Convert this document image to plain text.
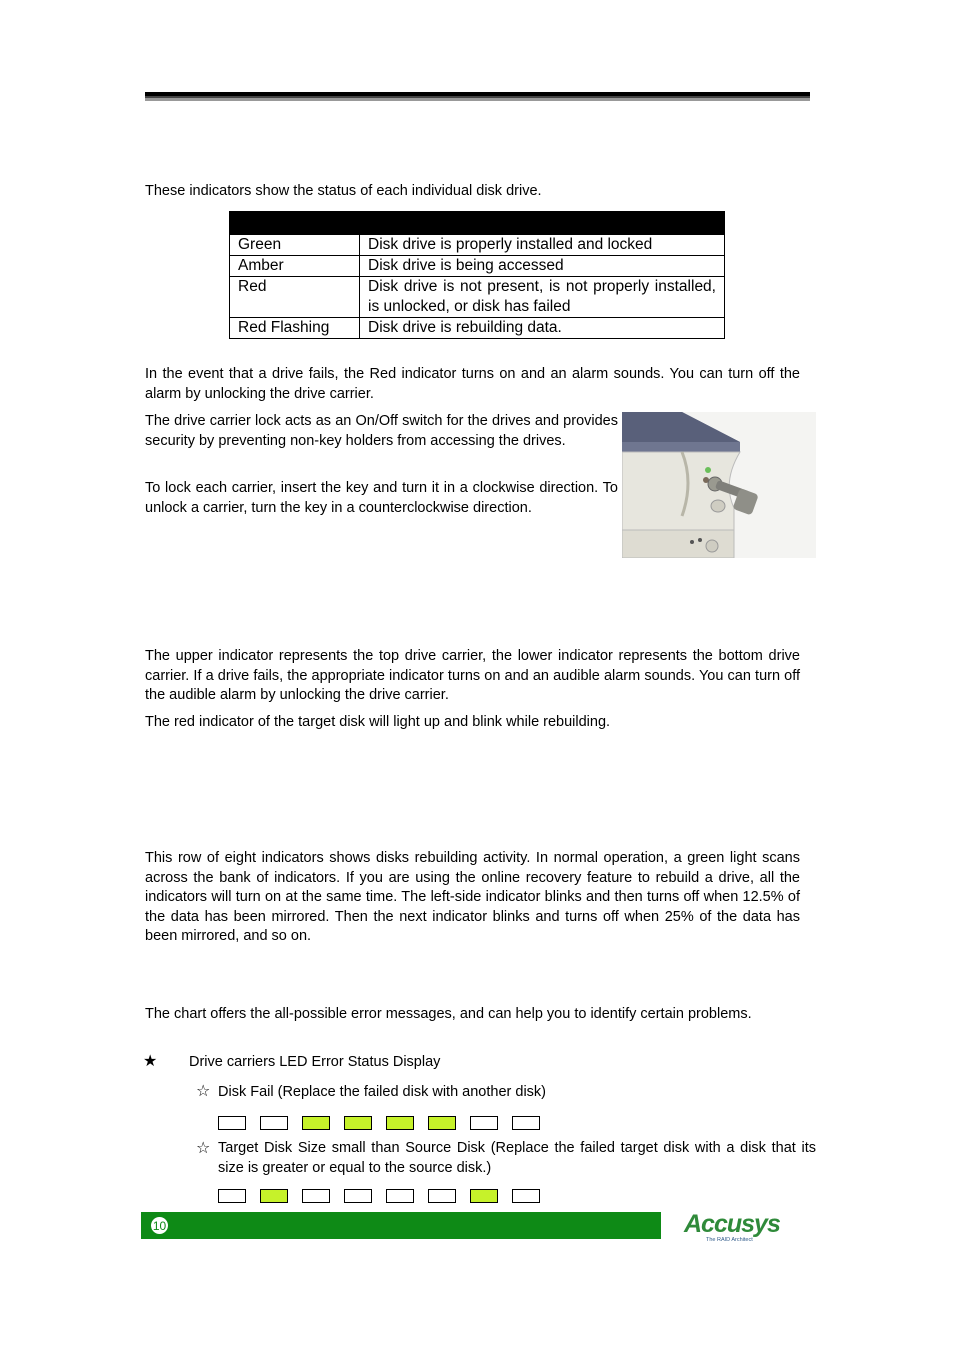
These indicators show the status of each individual disk drive.

Green	Disk drive is properly installed and locked
Amber	Disk drive is being accessed
Red	Disk drive is not present, is not properly installed, is unlocked, or disk has failed
Red Flashing	Disk drive is rebuilding data.
In the event that a drive fails, the Red indicator turns on and an alarm sounds. You can turn off the alarm by unlocking the drive carrier.
The drive carrier lock acts as an On/Off switch for the drives and provides security by preventing non-key holders from accessing the drives.
To lock each carrier, insert the key and turn it in a clockwise direction. To unlock a carrier, turn the key in a counterclockwise direction.
The upper indicator represents the top drive carrier, the lower indicator represents the bottom drive carrier. If a drive fails, the appropriate indicator turns on and an audible alarm sounds. You can turn off the audible alarm by unlocking the drive carrier.
The red indicator of the target disk will light up and blink while rebuilding.
This row of eight indicators shows disks rebuilding activity. In normal operation, a green light scans across the bank of indicators. If you are using the online recovery feature to rebuild a drive, all the indicators will turn on at the same time. The left-side indicator blinks and then turns off when 12.5% of the data has been mirrored. Then the next indicator blinks and turns off when 25% of the data has been mirrored, and so on.
The chart offers the all-possible error messages, and can help you to identify certain problems.
★ Drive carriers LED Error Status Display
☆ Disk Fail (Replace the failed disk with another disk)
☆ Target Disk Size small than Source Disk (Replace the failed target disk with a disk that its size is greater or equal to the source disk.)
10	Accusys
The RAID Architect
